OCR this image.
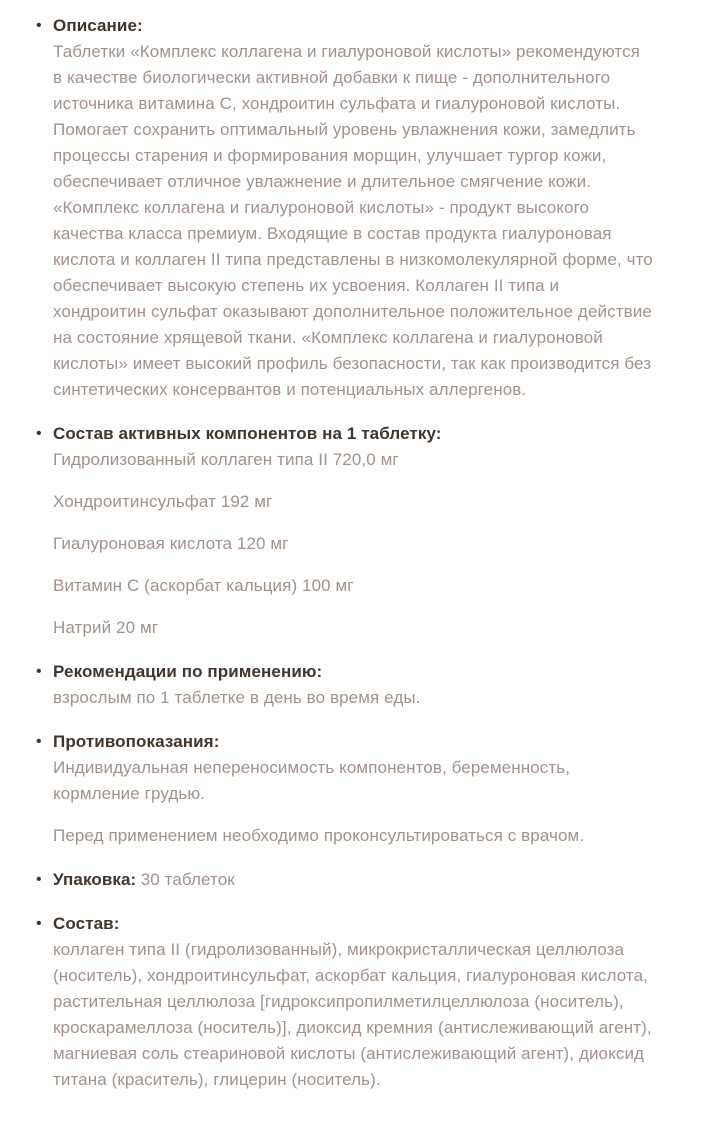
• Описание:

Таблетки «Комплекс коллагена и гиалуроновой кислоты» рекомендуются в качестве биологически активной добавки к пище - дополнительного источника витамина С, хондроитин сульфата и гиалуроновой кислоты. Помогает сохранить оптимальный уровень увлажнения кожи, замедлить процессы старения и формирования морщин, улучшает тургор кожи, обеспечивает отличное увлажнение и длительное смягчение кожи. «Комплекс коллагена и гиалуроновой кислоты» - продукт высокого качества класса премиум. Входящие в состав продукта гиалуроновая кислота и коллаген II типа представлены в низкомолекулярной форме, что обеспечивает высокую степень их усвоения. Коллаген II типа и хондроитин сульфат оказывают дополнительное положительное действие на состояние хрящевой ткани. «Комплекс коллагена и гиалуроновой кислоты» имеет высокий профиль безопасности, так как производится без синтетических консервантов и потенциальных аллергенов.

• Состав активных компонентов на 1 таблетку:

Гидролизованный коллаген типа II 720,0 мг

Хондроитинсульфат 192 мг

Гиалуроновая кислота 120 мг

Витамин С (аскорбат кальция) 100 мг

Натрий 20 мг

• Рекомендации по применению:

взрослым по 1 таблетке в день во время еды.

• Противопоказания:

Индивидуальная непереносимость компонентов, беременность, кормление грудью.

Перед применением необходимо проконсультироваться с врачом.

• Упаковка: 30 таблеток
• Состав:

коллаген типа II (гидролизованный), микрокристаллическая целлюлоза (носитель), хондроитинсульфат, аскорбат кальция, гиалуроновая кислота, растительная целлюлоза [гидроксипропилметилцеллюлоза (носитель), кроскарамеллоза (носитель)], диоксид кремния (антислеживающий агент), магниевая соль стеариновой кислоты (антислеживающий агент), диоксид титана (краситель), глицерин (носитель).
